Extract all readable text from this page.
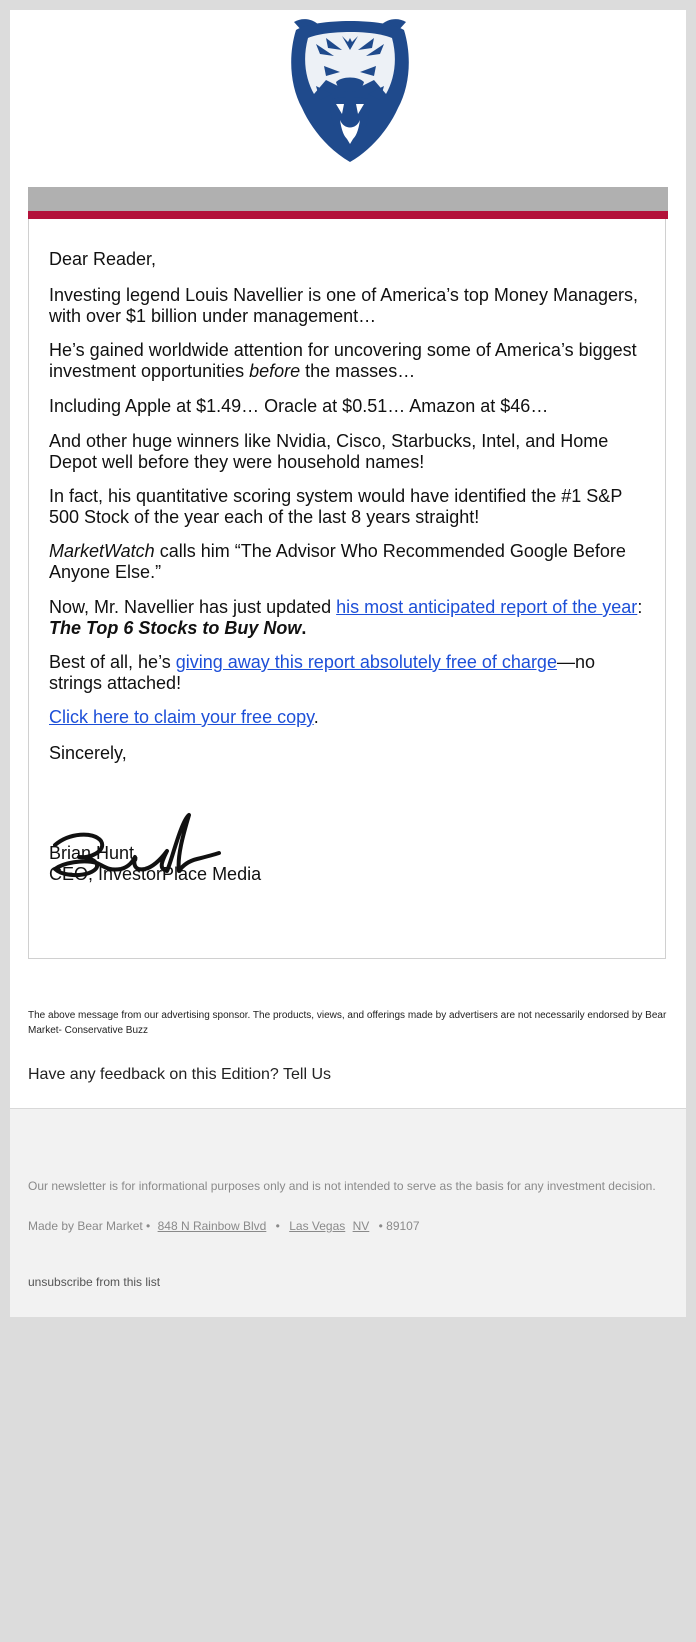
Dear Reader,

Investing legend Louis Navellier is one of America’s top Money Managers, with over $1 billion under management…

He’s gained worldwide attention for uncovering some of America’s biggest investment opportunities before the masses…

Including Apple at $1.49… Oracle at $0.51… Amazon at $46…

And other huge winners like Nvidia, Cisco, Starbucks, Intel, and Home Depot well before they were household names!

In fact, his quantitative scoring system would have identified the #1 S&P 500 Stock of the year each of the last 8 years straight!

MarketWatch calls him “The Advisor Who Recommended Google Before Anyone Else.”

Now, Mr. Navellier has just updated his most anticipated report of the year:
The Top 6 Stocks to Buy Now.

Best of all, he’s giving away this report absolutely free of charge—no strings attached!

Click here to claim your free copy.

Sincerely,

Brian Hunt,

CEO, InvestorPlace Media

The above message from our advertising sponsor. The products, views, and offerings made by advertisers are not necessarily endorsed by Bear Market- Conservative Buzz
Have any feedback on this Edition? Tell Us
Our newsletter is for informational purposes only and is not intended to serve as the basis for any investment decision.
Made by Bear Market • 848 N Rainbow Blvd • Las Vegas NV • 89107
unsubscribe from this list
